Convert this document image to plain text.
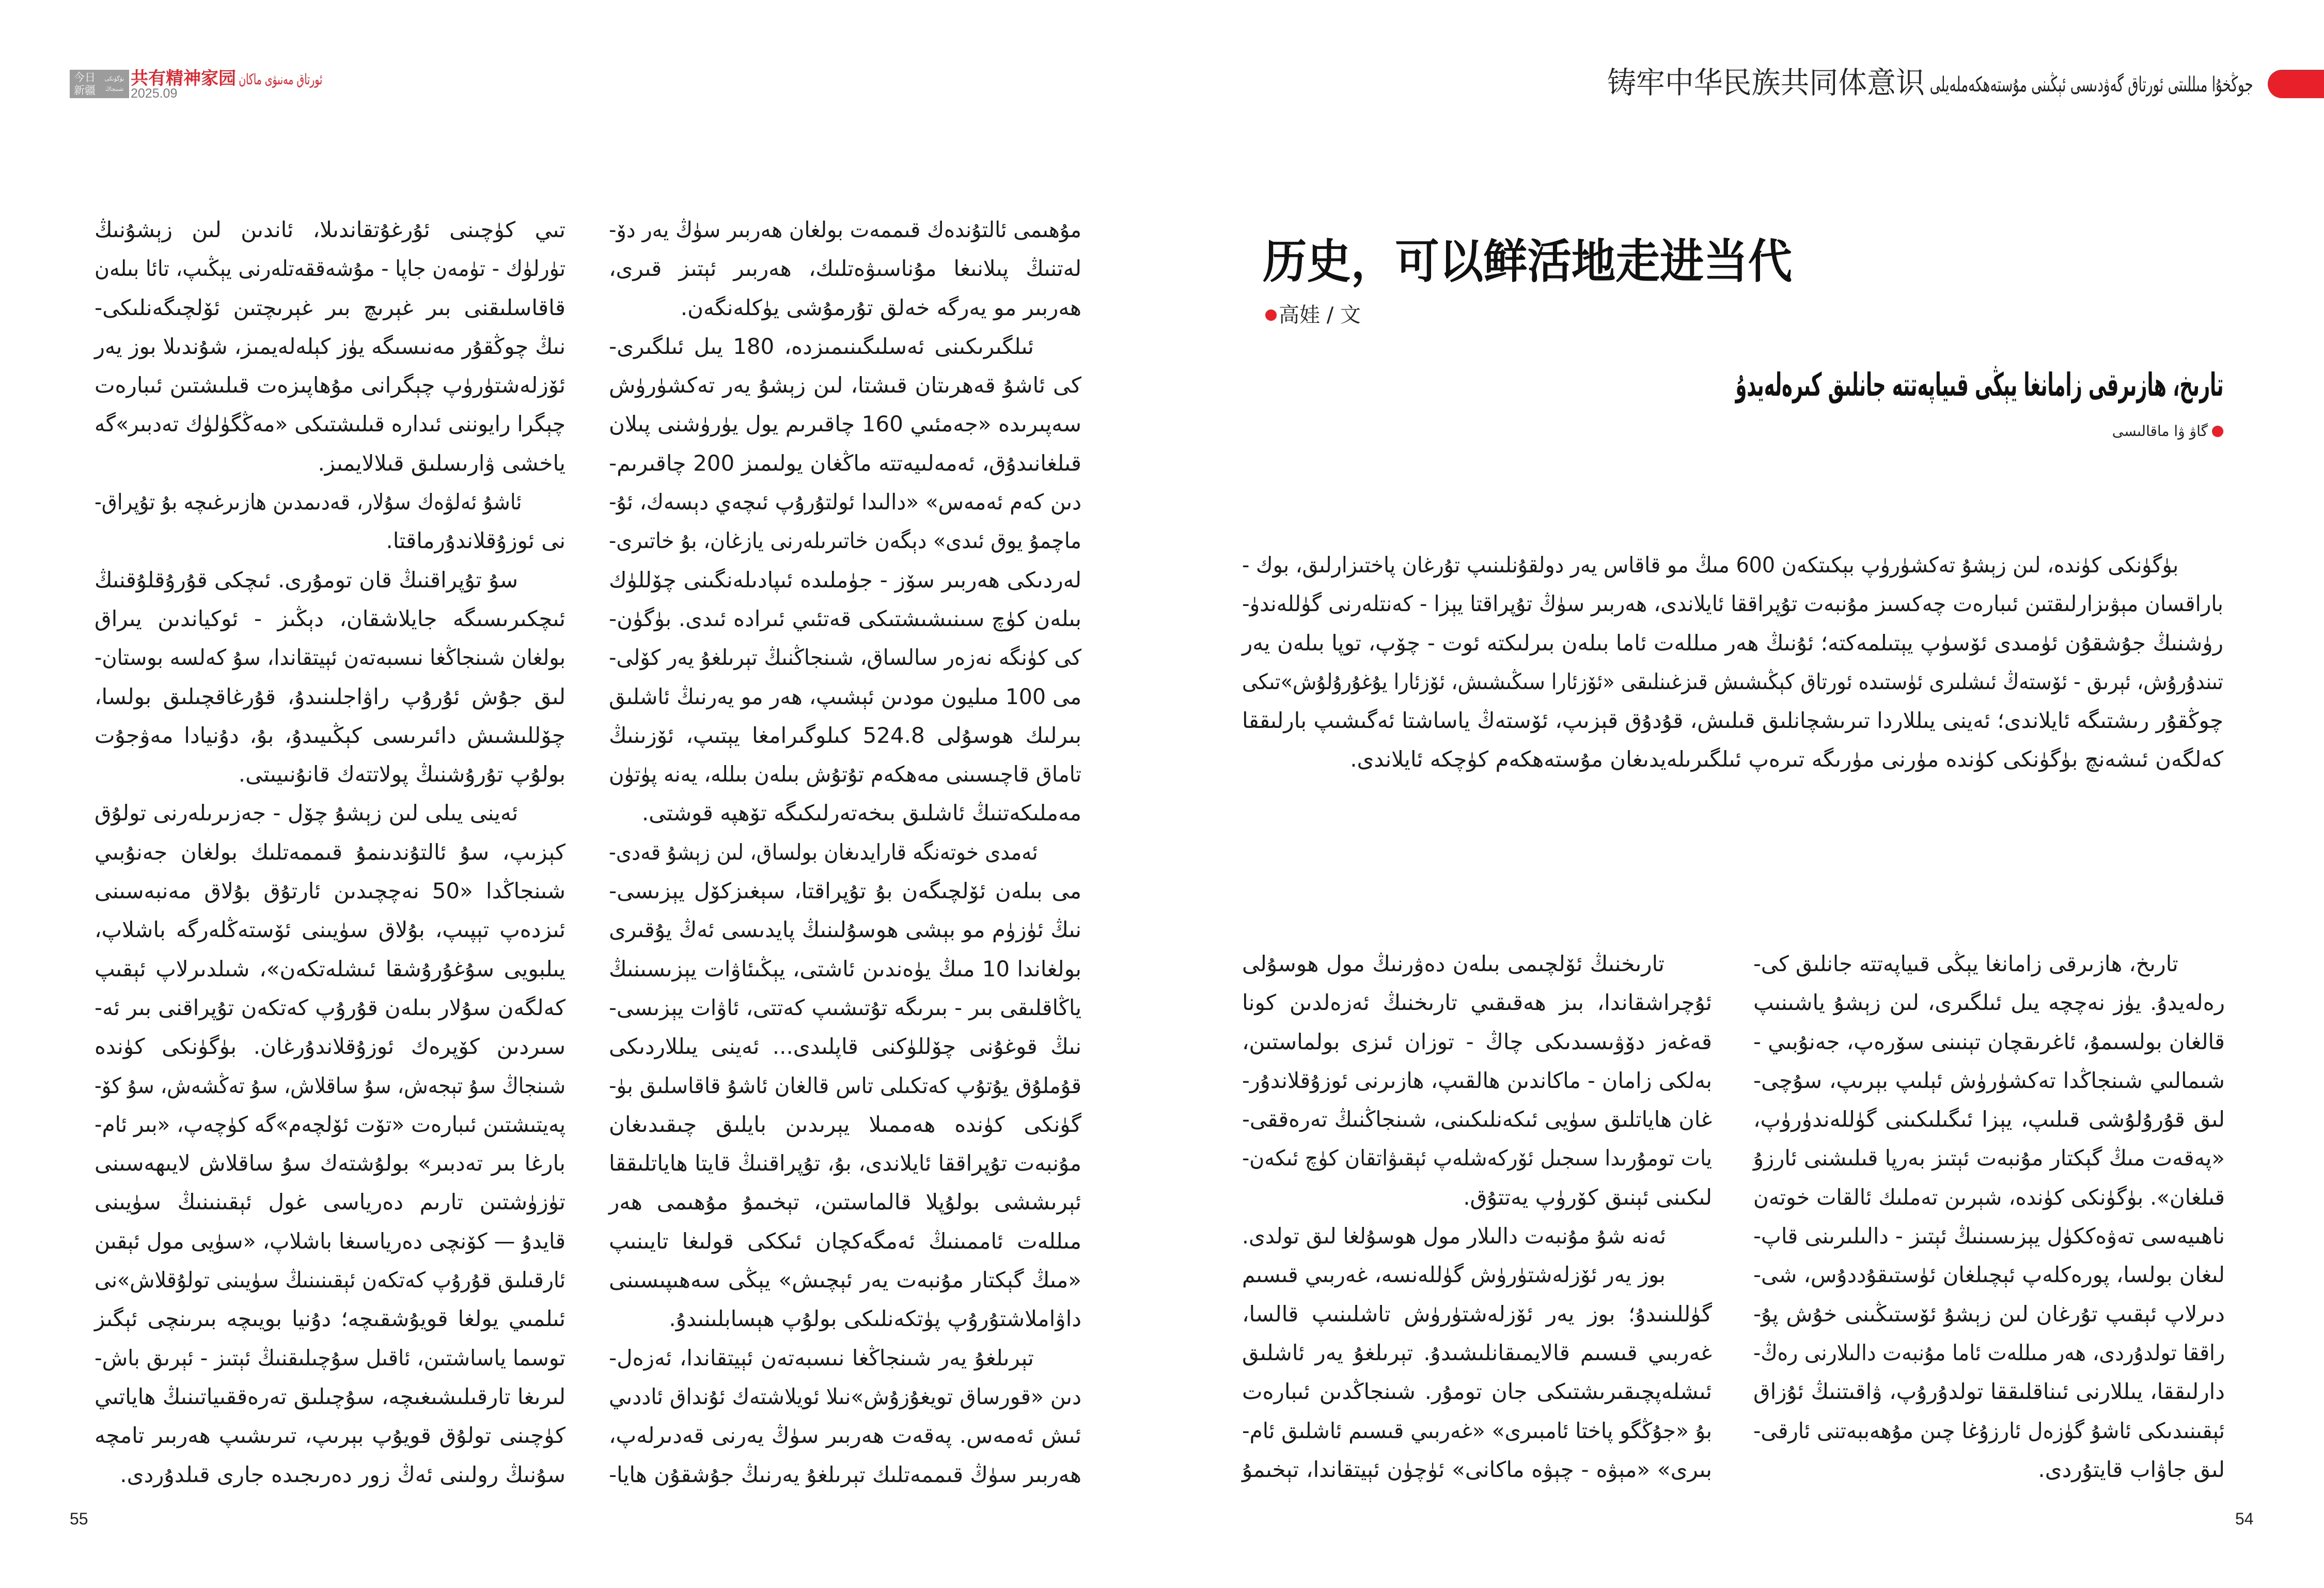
今日
新疆
بۈگۈنكى
شىنجاڭ 共有精神家园 ئورتاق مەنىۋى ماكان
2025.09	铸牢中华民族共同体意识 جوڭخۇا مىللىتى ئورتاق گەۋدىسى ئېڭىنى مۇستەھكەملەيلى
历史，可以鲜活地走进当代
高娃 / 文
تارىخ، ھازىرقى زامانغا يېڭى قىياپەتتە جانلىق كىرەلەيدۇ
گاۋ ۋا ماقالىسى
بۈگۈنكى كۈندە، لىن زېشۇ تەكشۈرۈپ بېكىتكەن 600 مىڭ مو قاقاس يەر دولقۇنلىنىپ تۇرغان پاختىزارلىق، بوك -
باراقسان مېۋىزارلىقتىن ئىبارەت چەكسىز مۇنبەت تۇپراققا ئايلاندى، ھەربىر سۈڭ تۇپراقتا يېزا - كەنتلەرنى گۈللەندۈ-
رۈشنىڭ جۇشقۇن ئۈمىدى ئۆسۈپ يېتىلمەكتە؛ ئۇنىڭ ھەر مىللەت ئاما بىلەن بىرلىكتە ئوت - چۆپ، توپا بىلەن يەر
تىندۇرۇش، ئېرىق - ئۆستەڭ ئىشلىرى ئۈستىدە ئورتاق كېڭىشىش قىزغىنلىقى «ئۆزئارا سىڭىشىش، ئۆزئارا يۇغۇرۇلۇش»تىكى
چوڭقۇر رىشتىگە ئايلاندى؛ ئەينى يىللاردا تىرىشچانلىق قىلىش، قۇدۇق قېزىپ، ئۆستەڭ ياساشتا ئەگىشىپ بارلىققا
كەلگەن ئىشەنچ بۈگۈنكى كۈندە مۈرنى مۈرىگە تىرەپ ئىلگىرىلەيدىغان مۇستەھكەم كۈچكە ئايلاندى.
تارىخ، ھازىرقى زامانغا يېڭى قىياپەتتە جانلىق كى-
رەلەيدۇ. يۈز نەچچە يىل ئىلگىرى، لىن زېشۇ ياشىنىپ
قالغان بولسىمۇ، ئاغرىقچان تېنىنى سۆرەپ، جەنۇبىي -
شىمالىي شىنجاڭدا تەكشۈرۈش ئېلىپ بېرىپ، سۇچى-
لىق قۇرۇلۇشى قىلىپ، يېزا ئىگىلىكىنى گۈللەندۈرۈپ،
«پەقەت مىڭ گېكتار مۇنبەت ئېتىز بەرپا قىلىشنى ئارزۇ
قىلغان». بۈگۈنكى كۈندە، شېرىن تەملىك ئالقات خوتەن
ناھىيەسى تەۋەككۈل يېزىسىنىڭ ئېتىز - دالىلىرىنى قاپ-
لىغان بولسا، پورەكلەپ ئېچىلغان ئۈستىقۇددۇس، شى-
دىرلاپ ئېقىپ تۇرغان لىن زېشۇ ئۆستىڭىنى خۇش پۇ-
راققا تولدۇردى، ھەر مىللەت ئاما مۇنبەت دالىلارنى رەڭ-
دارلىققا، يىللارنى ئىناقلىققا تولدۇرۇپ، ۋاقىتنىڭ ئۇزاق
ئېقىنىدىكى ئاشۇ گۈزەل ئارزۇغا چىن مۇھەببەتنى ئارقى-
لىق جاۋاب قايتۇردى.
تارىخنىڭ ئۆلچىمى بىلەن دەۋرنىڭ مول ھوسۇلى
ئۇچراشقاندا، بىز ھەقىقىي تارىخنىڭ ئەزەلدىن كونا
قەغەز دۆۋىسىدىكى چاڭ - توزان ئىزى بولماستىن،
بەلكى زامان - ماكاندىن ھالقىپ، ھازىرنى ئوزۇقلاندۇر-
غان ھاياتلىق سۈيى ئىكەنلىكىنى، شىنجاڭنىڭ تەرەققى-
يات تومۇرىدا سىجىل ئۆركەشلەپ ئېقىۋاتقان كۈچ ئىكەن-
لىكىنى ئېنىق كۆرۈپ يەتتۇق.
ئەنە شۇ مۇنبەت دالىلار مول ھوسۇلغا لىق تولدى.
بوز يەر ئۆزلەشتۈرۈش گۈللەنسە، غەربىي قىسىم
گۈللىنىدۇ؛ بوز يەر ئۆزلەشتۈرۈش تاشلىنىپ قالسا،
غەربىي قىسىم قالايمىقانلىشىدۇ. تېرىلغۇ يەر ئاشلىق
ئىشلەپچىقىرىشتىكى جان تومۇر. شىنجاڭدىن ئىبارەت
بۇ «جۇڭگو پاختا ئامبىرى» «غەربىي قىسىم ئاشلىق ئام-
بىرى» «مېۋە - چېۋە ماكانى» ئۈچۈن ئېيتقاندا، تېخىمۇ
مۇھىمى ئالتۇندەك قىممەت بولغان ھەربىر سۈڭ يەر دۆ-
لەتنىڭ پىلانىغا مۇناسىۋەتلىك، ھەربىر ئېتىز قىرى،
ھەربىر مو يەرگە خەلق تۇرمۇشى يۈكلەنگەن.
ئىلگىرىكىنى ئەسلىگىنىمىزدە، 180 يىل ئىلگىرى-
كى ئاشۇ قەھرىتان قىشتا، لىن زېشۇ يەر تەكشۈرۈش
سەپىرىدە «جەمئىي 160 چاقىرىم يول يۈرۈشنى پىلان
قىلغانىدۇق، ئەمەلىيەتتە ماڭغان يولىمىز 200 چاقىرىم-
دىن كەم ئەمەس» «دالىدا ئولتۇرۇپ ئىچەي دېسەك، ئۇ-
ماچمۇ يوق ئىدى» دېگەن خاتىرىلەرنى يازغان، بۇ خاتىرى-
لەردىكى ھەربىر سۆز - جۈملىدە ئىپادىلەنگىنى چۆللۈك
بىلەن كۈچ سىنىشىشتىكى قەتئىي ئىرادە ئىدى. بۈگۈن-
كى كۈنگە نەزەر سالساق، شىنجاڭنىڭ تېرىلغۇ يەر كۆلى-
مى 100 مىليون مودىن ئېشىپ، ھەر مو يەرنىڭ ئاشلىق
بىرلىك ھوسۇلى 524.8 كىلوگىرامغا يېتىپ، ئۆزىنىڭ
تاماق قاچىسىنى مەھكەم تۇتۇش بىلەن بىللە، يەنە پۈتۈن
مەملىكەتنىڭ ئاشلىق بىخەتەرلىكىگە تۆھپە قوشتى.
ئەمدى خوتەنگە قارايدىغان بولساق، لىن زېشۇ قەدى-
مى بىلەن ئۆلچىگەن بۇ تۇپراقتا، سېغىزكۆل يېزىسى-
نىڭ ئۈزۈم مو بېشى ھوسۇلىنىڭ پايدىسى ئەڭ يۇقىرى
بولغاندا 10 مىڭ يۈەندىن ئاشتى، يېڭىئاۋات يېزىسىنىڭ
ياڭاقلىقى بىر - بىرىگە تۇتىشىپ كەتتى، ئاۋات يېزىسى-
نىڭ قوغۇنى چۆللۈكنى قاپلىدى... ئەينى يىللاردىكى
قۇملۇق يۇتۇپ كەتكىلى تاس قالغان ئاشۇ قاقاسلىق بۈ-
گۈنكى كۈندە ھەممىلا يېرىدىن بايلىق چىقىدىغان
مۇنبەت تۇپراققا ئايلاندى، بۇ، تۇپراقنىڭ قايتا ھاياتلىققا
ئېرىششى بولۇپلا قالماستىن، تېخىمۇ مۇھىمى ھەر
مىللەت ئاممىنىڭ ئەمگەكچان ئىككى قولىغا تايىنىپ
«مىڭ گېكتار مۇنبەت يەر ئېچىش» يېڭى سەھىپىسىنى
داۋاملاشتۇرۇپ پۈتكەنلىكى بولۇپ ھېسابلىنىدۇ.
تېرىلغۇ يەر شىنجاڭغا نىسبەتەن ئېيتقاندا، ئەزەل-
دىن «قورساق تويغۇزۇش»نىلا ئويلاشتەك ئۇنداق ئاددىي
ئىش ئەمەس. پەقەت ھەربىر سۈڭ يەرنى قەدىرلەپ،
ھەربىر سۈڭ قىممەتلىك تېرىلغۇ يەرنىڭ جۇشقۇن ھايا-
تىي كۈچىنى ئۇرغۇتقاندىلا، ئاندىن لىن زېشۇنىڭ
تۈرلۈك - تۈمەن جاپا - مۇشەققەتلەرنى يېڭىپ، تائا بىلەن
قاقاسلىقنى بىر غېرىچ بىر غېرىچتىن ئۆلچىگەنلىكى-
نىڭ چوڭقۇر مەنىسىگە يۈز كېلەلەيمىز، شۇندىلا بوز يەر
ئۆزلەشتۈرۈپ چېگرانى مۇھاپىزەت قىلىشتىن ئىبارەت
چېگرا رايوننى ئىدارە قىلىشتىكى «مەڭگۈلۈك تەدبىر»گە
ياخشى ۋارىسلىق قىلالايمىز.
ئاشۇ ئەلۋەك سۇلار، قەدىمدىن ھازىرغىچە بۇ تۇپراق-
نى ئوزۇقلاندۇرماقتا.
سۇ تۇپراقنىڭ قان تومۇرى. ئىچكى قۇرۇقلۇقنىڭ
ئىچكىرىسىگە جايلاشقان، دېڭىز - ئوكياندىن يىراق
بولغان شىنجاڭغا نىسبەتەن ئېيتقاندا، سۇ كەلسە بوستان-
لىق جۇش ئۇرۇپ راۋاجلىنىدۇ، قۇرغاقچىلىق بولسا،
چۆللىشىش دائىرىسى كېڭىيىدۇ، بۇ، دۇنيادا مەۋجۇت
بولۇپ تۇرۇشنىڭ پولاتتەك قانۇنىيىتى.
ئەينى يىلى لىن زېشۇ چۆل - جەزىرىلەرنى تولۇق
كېزىپ، سۇ ئالتۇندىنمۇ قىممەتلىك بولغان جەنۇبىي
شىنجاڭدا «50 نەچچىدىن ئارتۇق بۇلاق مەنبەسىنى
ئىزدەپ تېپىپ، بۇلاق سۈيىنى ئۆستەڭلەرگە باشلاپ،
يىلبويى سۇغۇرۇشقا ئىشلەتكەن»، شىلدىرلاپ ئېقىپ
كەلگەن سۇلار بىلەن قۇرۇپ كەتكەن تۇپراقنى بىر ئە-
سىردىن كۆپرەك ئوزۇقلاندۇرغان. بۈگۈنكى كۈندە
شىنجاڭ سۇ تېجەش، سۇ ساقلاش، سۇ تەڭشەش، سۇ كۆ-
پەيتىشتىن ئىبارەت «تۆت ئۆلچەم»گە كۈچەپ، «بىر ئام-
بارغا بىر تەدبىر» بولۇشتەك سۇ ساقلاش لايىھەسىنى
تۈزۈشتىن تارىم دەرياسى غول ئېقىنىنىڭ سۈيىنى
قايدۇ — كۆنچى دەرياسىغا باشلاپ، «سۈيى مول ئېقىن
ئارقىلىق قۇرۇپ كەتكەن ئېقىنىنىڭ سۈيىنى تولۇقلاش»نى
ئىلمىي يولغا قويۇشقىچە؛ دۇنيا بويىچە بىرىنچى ئېگىز
توسما ياساشتىن، ئاقىل سۇچىلىقنىڭ ئېتىز - ئېرىق باش-
لىرىغا تارقىلىشىغىچە، سۇچىلىق تەرەققىياتىنىڭ ھاياتىي
كۈچىنى تولۇق قويۇپ بېرىپ، تىرىشىپ ھەربىر تامچە
سۇنىڭ رولىنى ئەڭ زور دەرىجىدە جارى قىلدۇردى.
55	54
